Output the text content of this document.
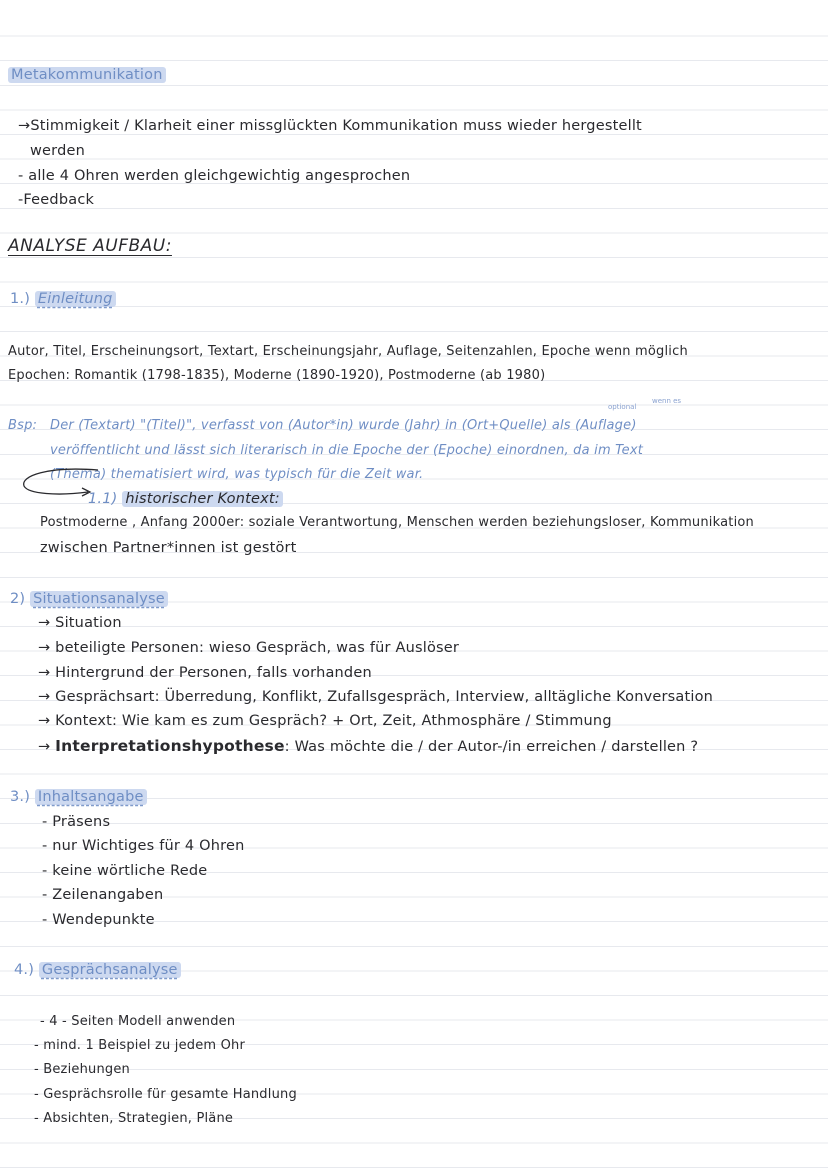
Metakommunikation
→Stimmigkeit / Klarheit einer missglückten Kommunikation muss wieder hergestellt
werden
- alle 4 Ohren werden gleichgewichtig angesprochen
-Feedback
ANALYSE AUFBAU:
1.) Einleitung
Autor, Titel, Erscheinungsort, Textart, Erscheinungsjahr, Auflage, Seitenzahlen, Epoche wenn möglich
Epochen: Romantik (1798-1835), Moderne (1890-1920), Postmoderne (ab 1980)
optional
wenn es
Bsp: Der (Textart) "(Titel)", verfasst von (Autor*in) wurde (Jahr) in (Ort+Quelle) als (Auflage)
veröffentlicht und lässt sich literarisch in die Epoche der (Epoche) einordnen, da im Text
(Thema) thematisiert wird, was typisch für die Zeit war.
1.1) historischer Kontext:
Postmoderne , Anfang 2000er: soziale Verantwortung, Menschen werden beziehungsloser, Kommunikation
zwischen Partner*innen ist gestört
2) Situationsanalyse
→ Situation
→ beteiligte Personen: wieso Gespräch, was für Auslöser
→ Hintergrund der Personen, falls vorhanden
→ Gesprächsart: Überredung, Konflikt, Zufallsgespräch, Interview, alltägliche Konversation
→ Kontext: Wie kam es zum Gespräch? + Ort, Zeit, Athmosphäre / Stimmung
→ Interpretationshypothese: Was möchte die / der Autor-/in erreichen / darstellen ?
3.) Inhaltsangabe
- Präsens
- nur Wichtiges für 4 Ohren
- keine wörtliche Rede
- Zeilenangaben
- Wendepunkte
4.) Gesprächsanalyse
- 4 - Seiten Modell anwenden
- mind. 1 Beispiel zu jedem Ohr
- Beziehungen
- Gesprächsrolle für gesamte Handlung
- Absichten, Strategien, Pläne
